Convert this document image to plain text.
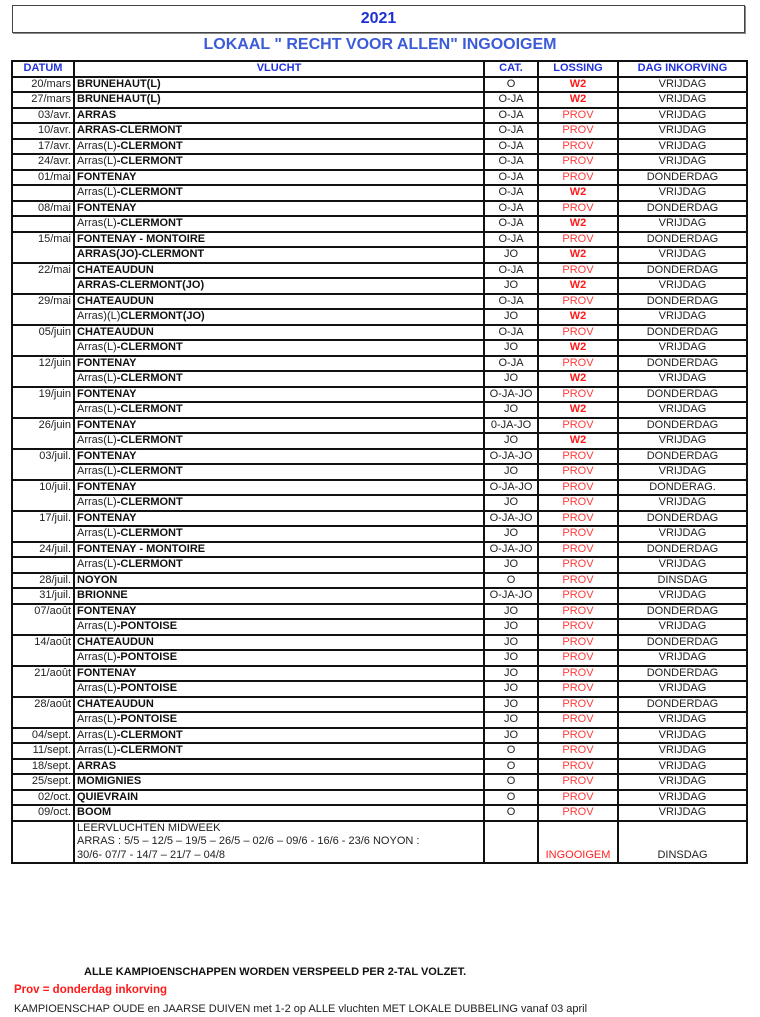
2021
LOKAAL " RECHT VOOR ALLEN" INGOOIGEM
DATUM	VLUCHT	CAT.	LOSSING	DAG INKORVING
20/mars	BRUNEHAUT(L)	O	W2	VRIJDAG
27/mars	BRUNEHAUT(L)	O-JA	W2	VRIJDAG
03/avr.	ARRAS	O-JA	PROV	VRIJDAG
10/avr.	ARRAS-CLERMONT	O-JA	PROV	VRIJDAG
17/avr.	Arras(L)-CLERMONT	O-JA	PROV	VRIJDAG
24/avr.	Arras(L)-CLERMONT	O-JA	PROV	VRIJDAG
01/mai	FONTENAY	O-JA	PROV	DONDERDAG
	Arras(L)-CLERMONT	O-JA	W2	VRIJDAG
08/mai	FONTENAY	O-JA	PROV	DONDERDAG
	Arras(L)-CLERMONT	O-JA	W2	VRIJDAG
15/mai	FONTENAY - MONTOIRE	O-JA	PROV	DONDERDAG
	ARRAS(JO)-CLERMONT	JO	W2	VRIJDAG
22/mai	CHATEAUDUN	O-JA	PROV	DONDERDAG
	ARRAS-CLERMONT(JO)	JO	W2	VRIJDAG
29/mai	CHATEAUDUN	O-JA	PROV	DONDERDAG
	Arras)(L)CLERMONT(JO)	JO	W2	VRIJDAG
05/juin	CHATEAUDUN	O-JA	PROV	DONDERDAG
	Arras(L)-CLERMONT	JO	W2	VRIJDAG
12/juin	FONTENAY	O-JA	PROV	DONDERDAG
	Arras(L)-CLERMONT	JO	W2	VRIJDAG
19/juin	FONTENAY	O-JA-JO	PROV	DONDERDAG
	Arras(L)-CLERMONT	JO	W2	VRIJDAG
26/juin	FONTENAY	0-JA-JO	PROV	DONDERDAG
	Arras(L)-CLERMONT	JO	W2	VRIJDAG
03/juil.	FONTENAY	O-JA-JO	PROV	DONDERDAG
	Arras(L)-CLERMONT	JO	PROV	VRIJDAG
10/juil.	FONTENAY	O-JA-JO	PROV	DONDERAG.
	Arras(L)-CLERMONT	JO	PROV	VRIJDAG
17/juil.	FONTENAY	O-JA-JO	PROV	DONDERDAG
	Arras(L)-CLERMONT	JO	PROV	VRIJDAG
24/juil.	FONTENAY - MONTOIRE	O-JA-JO	PROV	DONDERDAG
	Arras(L)-CLERMONT	JO	PROV	VRIJDAG
28/juil.	NOYON	O	PROV	DINSDAG
31/juil.	BRIONNE	O-JA-JO	PROV	VRIJDAG
07/août	FONTENAY	JO	PROV	DONDERDAG
	Arras(L)-PONTOISE	JO	PROV	VRIJDAG
14/août	CHATEAUDUN	JO	PROV	DONDERDAG
	Arras(L)-PONTOISE	JO	PROV	VRIJDAG
21/août	FONTENAY	JO	PROV	DONDERDAG
	Arras(L)-PONTOISE	JO	PROV	VRIJDAG
28/août	CHATEAUDUN	JO	PROV	DONDERDAG
	Arras(L)-PONTOISE	JO	PROV	VRIJDAG
04/sept.	Arras(L)-CLERMONT	JO	PROV	VRIJDAG
11/sept.	Arras(L)-CLERMONT	O	PROV	VRIJDAG
18/sept.	ARRAS	O	PROV	VRIJDAG
25/sept.	MOMIGNIES	O	PROV	VRIJDAG
02/oct.	QUIEVRAIN	O	PROV	VRIJDAG
09/oct.	BOOM	O	PROV	VRIJDAG

	LEERVLUCHTEN MIDWEEK
ARRAS : 5/5 – 12/5 – 19/5 – 26/5 – 02/6 – 09/6 - 16/6 - 23/6 NOYON :
30/6- 07/7 - 14/7 – 21/7 – 04/8		INGOOIGEM	DINSDAG
ALLE KAMPIOENSCHAPPEN WORDEN VERSPEELD PER 2-TAL VOLZET.
Prov = donderdag inkorving
KAMPIOENSCHAP OUDE en JAARSE DUIVEN met 1-2 op ALLE vluchten MET LOKALE DUBBELING vanaf 03 april
